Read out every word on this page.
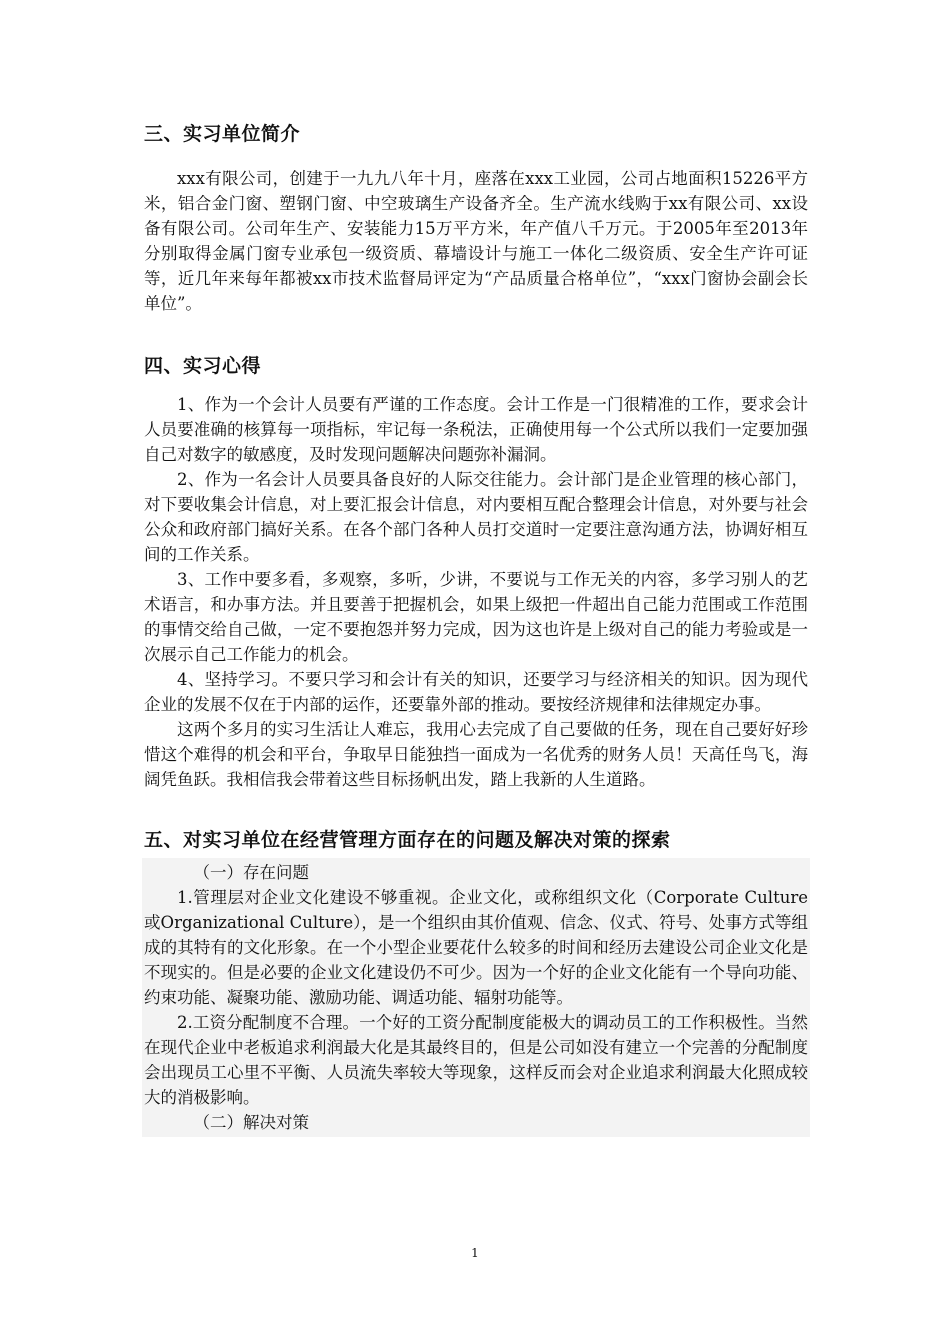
三、实习单位简介

xxx有限公司，创建于一九九八年十月，座落在xxx工业园，公司占地面积15226平方米，铝合金门窗、塑钢门窗、中空玻璃生产设备齐全。生产流水线购于xx有限公司、xx设备有限公司。公司年生产、安装能力15万平方米，年产值八千万元。于2005年至2013年分别取得金属门窗专业承包一级资质、幕墙设计与施工一体化二级资质、安全生产许可证等，近几年来每年都被xx市技术监督局评定为“产品质量合格单位”，“xxx门窗协会副会长单位”。

四、实习心得

1、作为一个会计人员要有严谨的工作态度。会计工作是一门很精准的工作，要求会计人员要准确的核算每一项指标，牢记每一条税法，正确使用每一个公式所以我们一定要加强自己对数字的敏感度，及时发现问题解决问题弥补漏洞。

2、作为一名会计人员要具备良好的人际交往能力。会计部门是企业管理的核心部门，对下要收集会计信息，对上要汇报会计信息，对内要相互配合整理会计信息，对外要与社会公众和政府部门搞好关系。在各个部门各种人员打交道时一定要注意沟通方法，协调好相互间的工作关系。

3、工作中要多看，多观察，多听，少讲，不要说与工作无关的内容，多学习别人的艺术语言，和办事方法。并且要善于把握机会，如果上级把一件超出自己能力范围或工作范围的事情交给自己做，一定不要抱怨并努力完成，因为这也许是上级对自己的能力考验或是一次展示自己工作能力的机会。

4、坚持学习。不要只学习和会计有关的知识，还要学习与经济相关的知识。因为现代企业的发展不仅在于内部的运作，还要靠外部的推动。要按经济规律和法律规定办事。

这两个多月的实习生活让人难忘，我用心去完成了自己要做的任务，现在自己要好好珍惜这个难得的机会和平台，争取早日能独挡一面成为一名优秀的财务人员！天高任鸟飞，海阔凭鱼跃。我相信我会带着这些目标扬帆出发，踏上我新的人生道路。

五、对实习单位在经营管理方面存在的问题及解决对策的探索

（一）存在问题

1.管理层对企业文化建设不够重视。企业文化，或称组织文化（Corporate Culture或Organizational Culture），是一个组织由其价值观、信念、仪式、符号、处事方式等组成的其特有的文化形象。在一个小型企业要花什么较多的时间和经历去建设公司企业文化是不现实的。但是必要的企业文化建设仍不可少。因为一个好的企业文化能有一个导向功能、约束功能、凝聚功能、激励功能、调适功能、辐射功能等。

2.工资分配制度不合理。一个好的工资分配制度能极大的调动员工的工作积极性。当然在现代企业中老板追求利润最大化是其最终目的，但是公司如没有建立一个完善的分配制度会出现员工心里不平衡、人员流失率较大等现象，这样反而会对企业追求利润最大化照成较大的消极影响。

（二）解决对策

1
